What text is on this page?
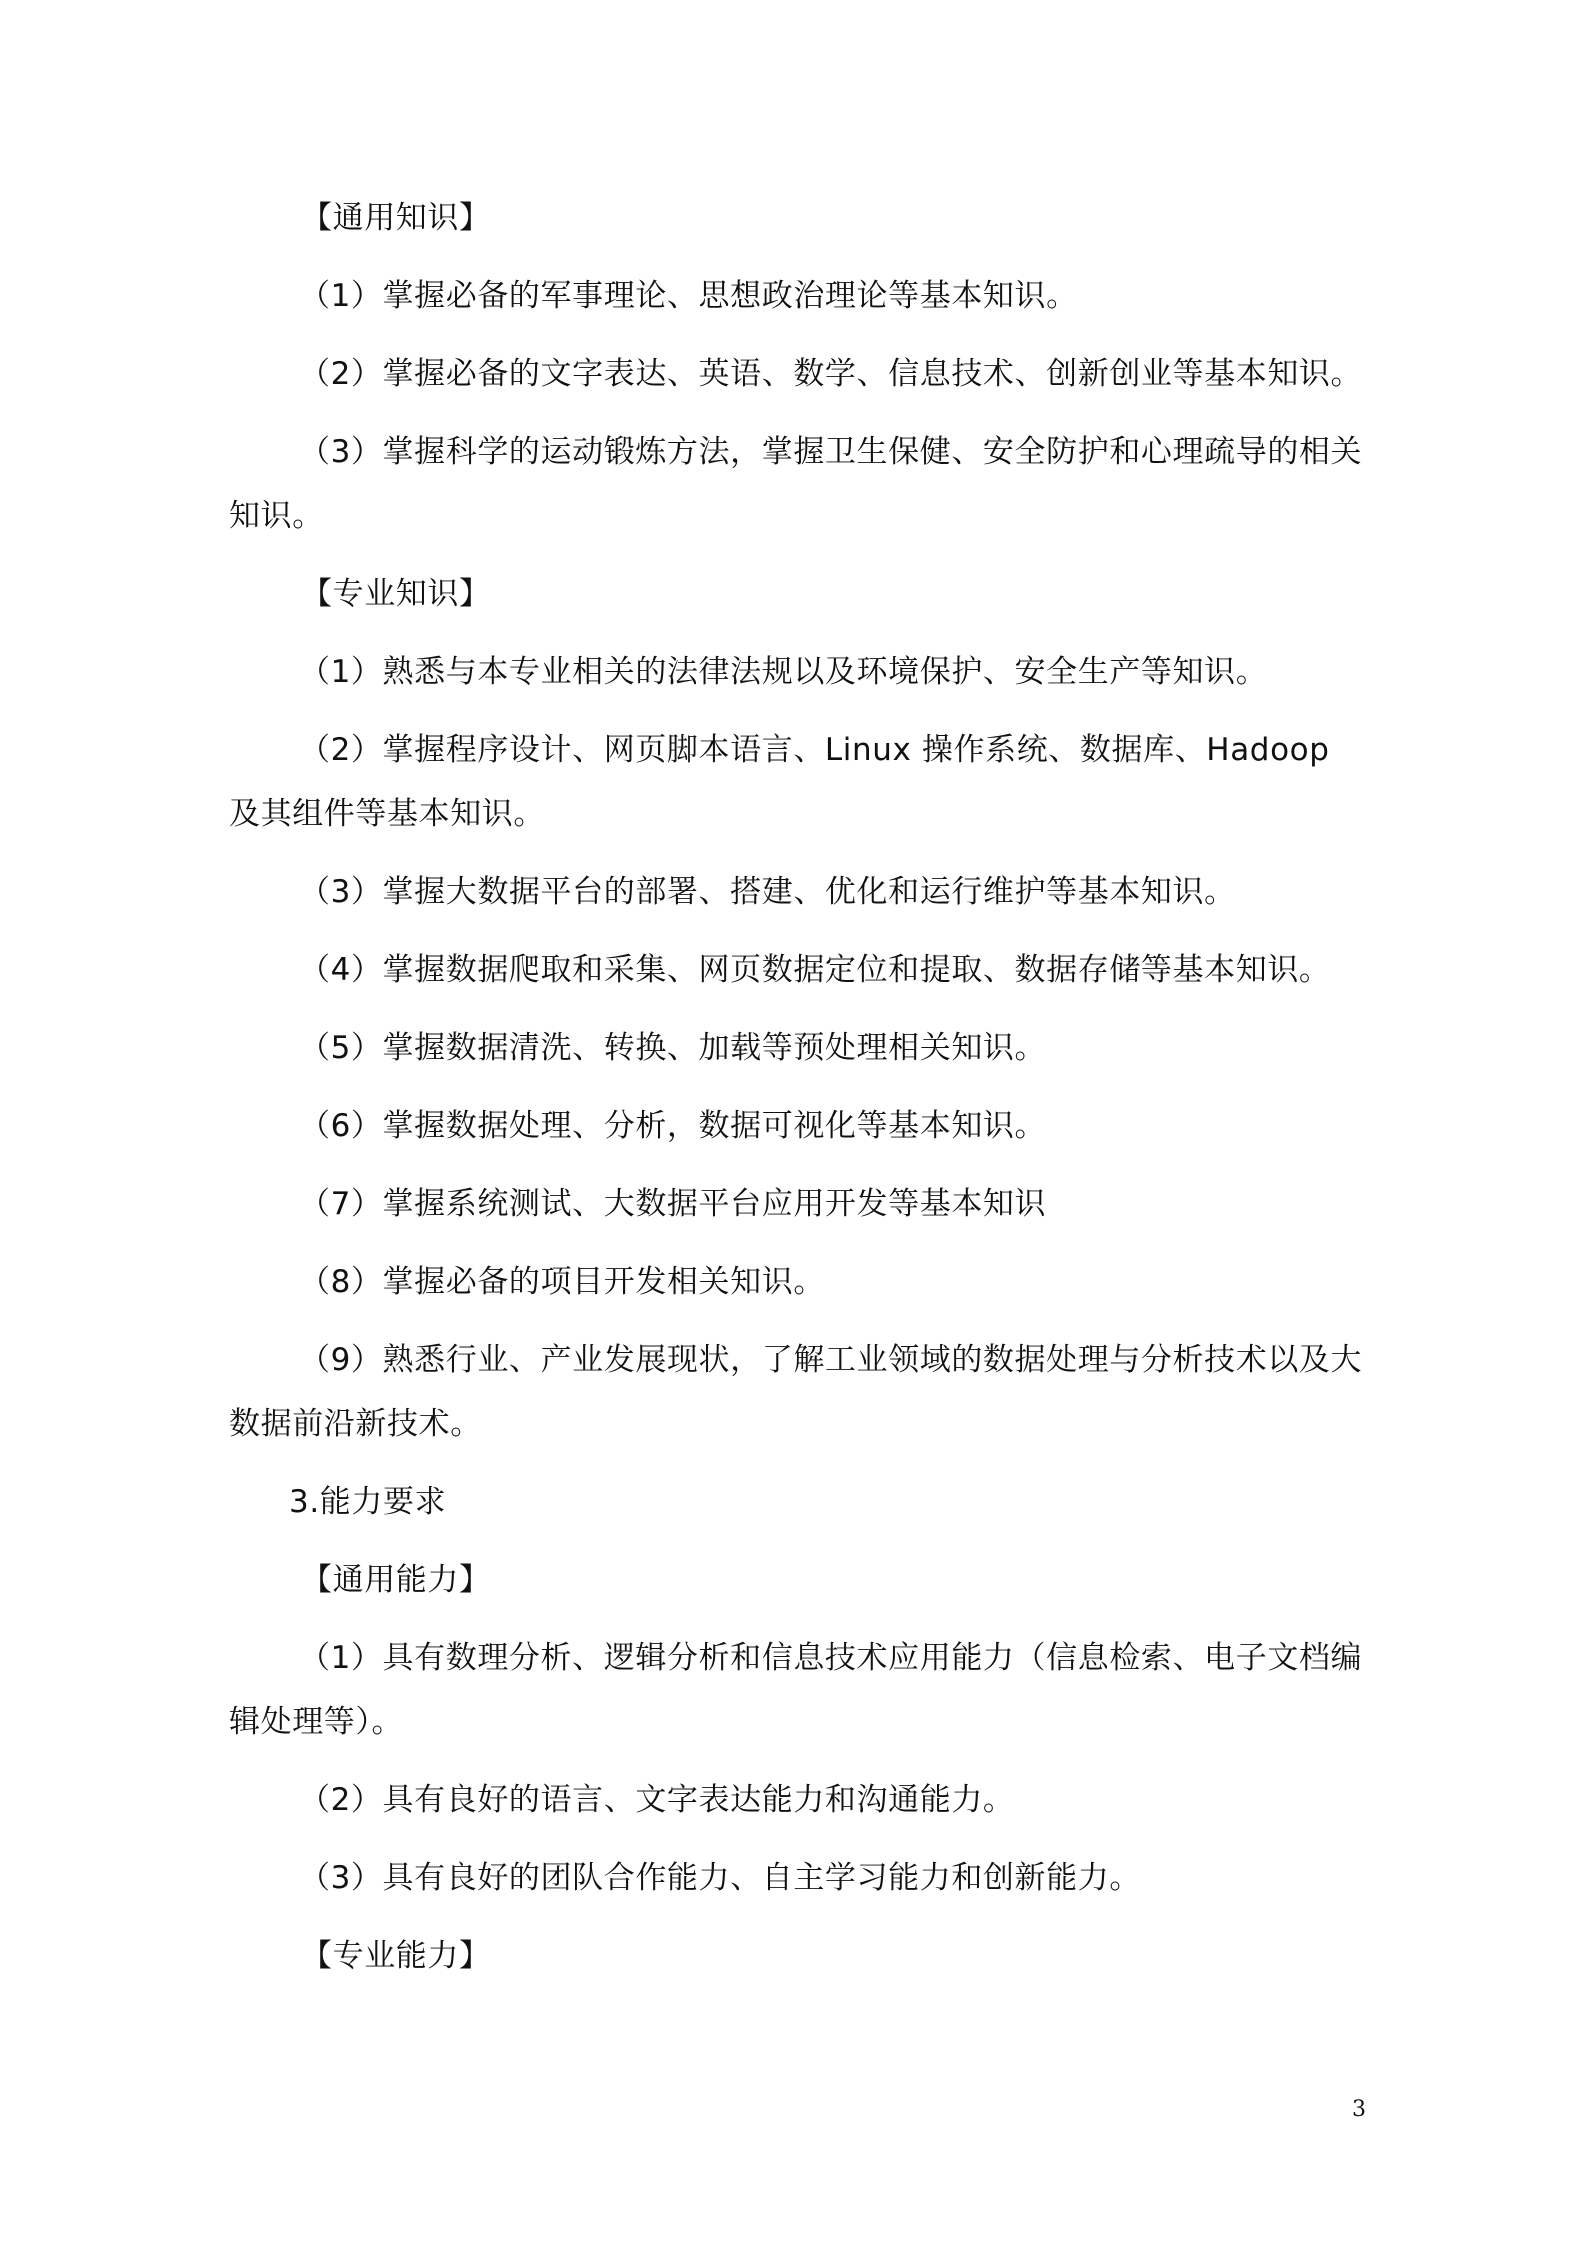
【通用知识】

（1）掌握必备的军事理论、思想政治理论等基本知识。

（2）掌握必备的文字表达、英语、数学、信息技术、创新创业等基本知识。

（3）掌握科学的运动锻炼方法，掌握卫生保健、安全防护和心理疏导的相关知识。

【专业知识】

（1）熟悉与本专业相关的法律法规以及环境保护、安全生产等知识。

（2）掌握程序设计、网页脚本语言、Linux 操作系统、数据库、Hadoop 及其组件等基本知识。

（3）掌握大数据平台的部署、搭建、优化和运行维护等基本知识。

（4）掌握数据爬取和采集、网页数据定位和提取、数据存储等基本知识。

（5）掌握数据清洗、转换、加载等预处理相关知识。

（6）掌握数据处理、分析，数据可视化等基本知识。

（7）掌握系统测试、大数据平台应用开发等基本知识

（8）掌握必备的项目开发相关知识。

（9）熟悉行业、产业发展现状，了解工业领域的数据处理与分析技术以及大数据前沿新技术。

3.能力要求

【通用能力】

（1）具有数理分析、逻辑分析和信息技术应用能力（信息检索、电子文档编辑处理等）。

（2）具有良好的语言、文字表达能力和沟通能力。

（3）具有良好的团队合作能力、自主学习能力和创新能力。

【专业能力】

3
